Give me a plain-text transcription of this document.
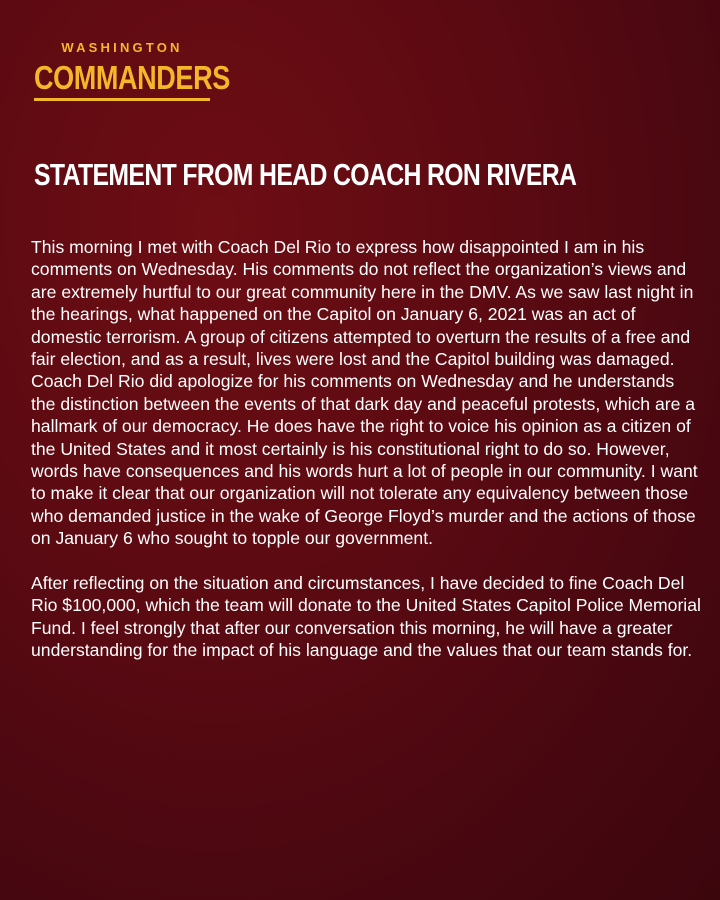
WASHINGTON
COMMANDERS
STATEMENT FROM HEAD COACH RON RIVERA

This morning I met with Coach Del Rio to express how disappointed I am in his comments on Wednesday. His comments do not reflect the organization’s views and are extremely hurtful to our great community here in the DMV. As we saw last night in the hearings, what happened on the Capitol on January 6, 2021 was an act of domestic terrorism. A group of citizens attempted to overturn the results of a free and fair election, and as a result, lives were lost and the Capitol building was damaged. Coach Del Rio did apologize for his comments on Wednesday and he understands the distinction between the events of that dark day and peaceful protests, which are a hallmark of our democracy. He does have the right to voice his opinion as a citizen of the United States and it most certainly is his constitutional right to do so. However, words have consequences and his words hurt a lot of people in our community. I want to make it clear that our organization will not tolerate any equivalency between those who demanded justice in the wake of George Floyd’s murder and the actions of those on January 6 who sought to topple our government.

After reflecting on the situation and circumstances, I have decided to fine Coach Del Rio $100,000, which the team will donate to the United States Capitol Police Memorial Fund. I feel strongly that after our conversation this morning, he will have a greater understanding for the impact of his language and the values that our team stands for.
